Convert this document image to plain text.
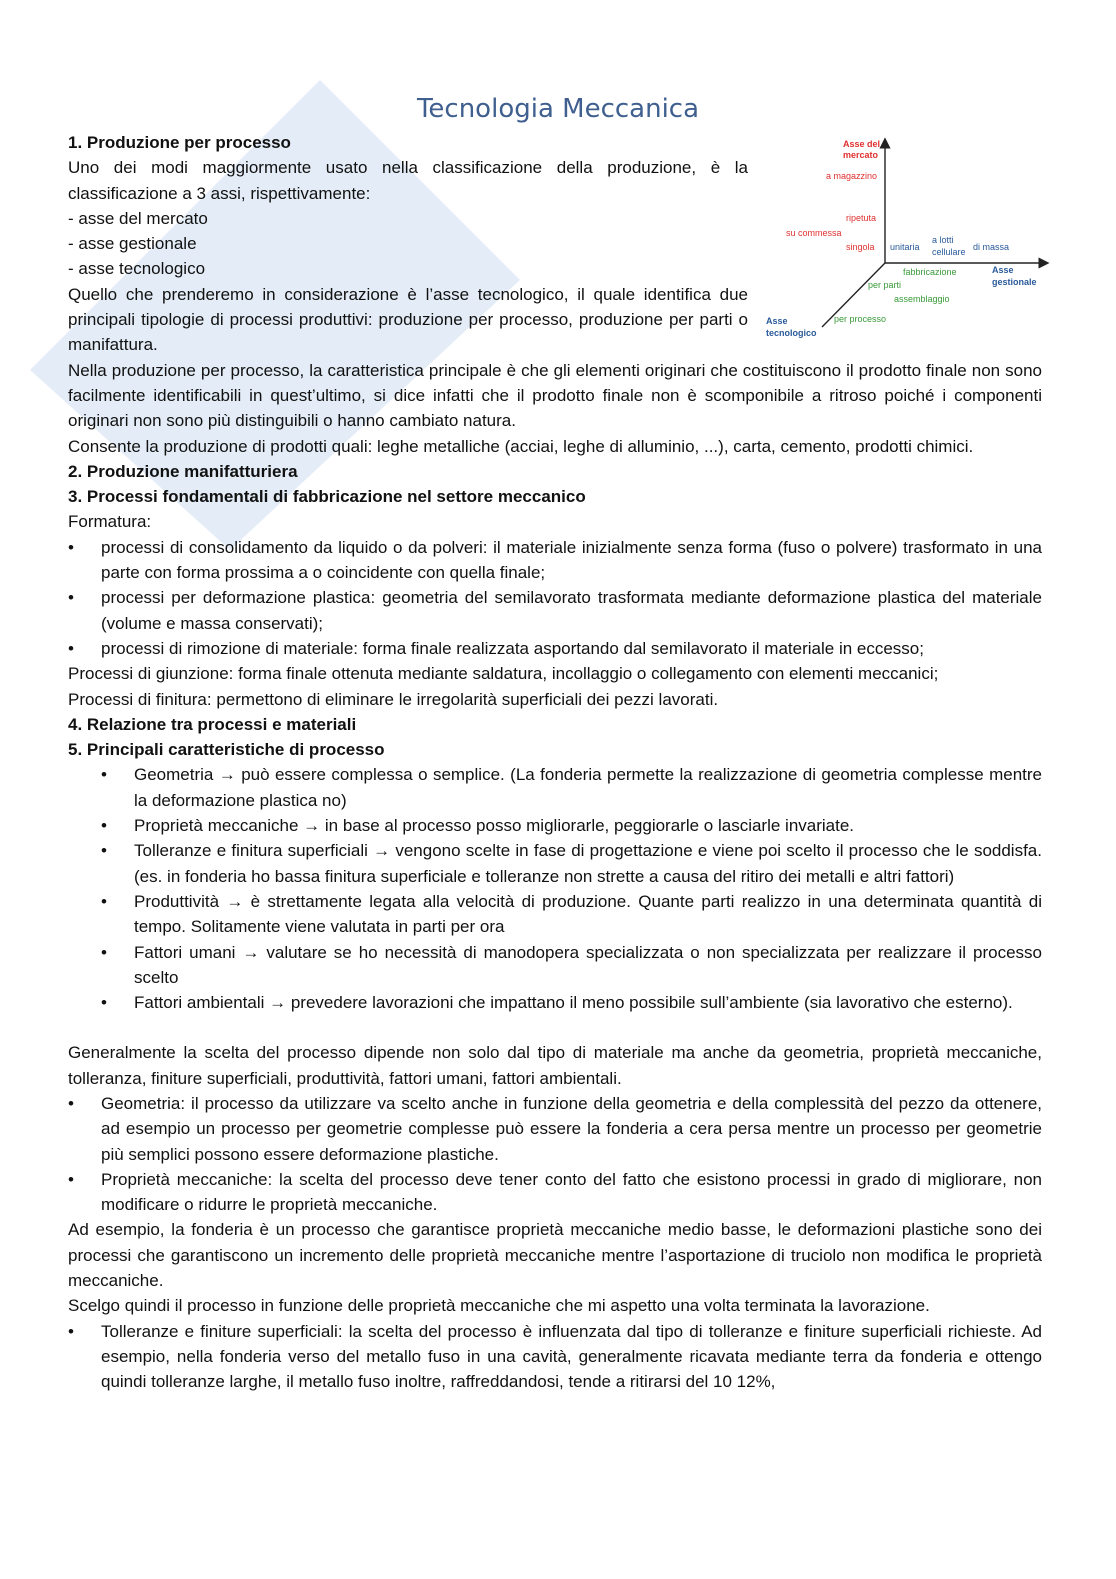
Tecnologia Meccanica
Asse del
mercato
a magazzino
ripetuta
su commessa
singola unitaria
a lotti
cellulare di massa
Asse
gestionale
fabbricazione
per parti
assemblaggio
per processo
Asse
tecnologico

1. Produzione per processo

Uno dei modi maggiormente usato nella classificazione della produzione, è la classificazione a 3 assi, rispettivamente:

- asse del mercato

- asse gestionale

- asse tecnologico

Quello che prenderemo in considerazione è l’asse tecnologico, il quale identifica due principali tipologie di processi produttivi: produzione per processo, produzione per parti o manifattura.

Nella produzione per processo, la caratteristica principale è che gli elementi originari che costituiscono il prodotto finale non sono facilmente identificabili in quest’ultimo, si dice infatti che il prodotto finale non è scomponibile a ritroso poiché i componenti originari non sono più distinguibili o hanno cambiato natura.

Consente la produzione di prodotti quali: leghe metalliche (acciai, leghe di alluminio, ...), carta, cemento, prodotti chimici.

2. Produzione manifatturiera

3. Processi fondamentali di fabbricazione nel settore meccanico

Formatura:

• processi di consolidamento da liquido o da polveri: il materiale inizialmente senza forma (fuso o polvere) trasformato in una parte con forma prossima a o coincidente con quella finale;
• processi per deformazione plastica: geometria del semilavorato trasformata mediante deformazione plastica del materiale (volume e massa conservati);
• processi di rimozione di materiale: forma finale realizzata asportando dal semilavorato il materiale in eccesso;

Processi di giunzione: forma finale ottenuta mediante saldatura, incollaggio o collegamento con elementi meccanici;

Processi di finitura: permettono di eliminare le irregolarità superficiali dei pezzi lavorati.

4. Relazione tra processi e materiali

5. Principali caratteristiche di processo

• Geometria → può essere complessa o semplice. (La fonderia permette la realizzazione di geometria complesse mentre la deformazione plastica no)
• Proprietà meccaniche → in base al processo posso migliorarle, peggiorarle o lasciarle invariate.
• Tolleranze e finitura superficiali → vengono scelte in fase di progettazione e viene poi scelto il processo che le soddisfa. (es. in fonderia ho bassa finitura superficiale e tolleranze non strette a causa del ritiro dei metalli e altri fattori)
• Produttività → è strettamente legata alla velocità di produzione. Quante parti realizzo in una determinata quantità di tempo. Solitamente viene valutata in parti per ora
• Fattori umani → valutare se ho necessità di manodopera specializzata o non specializzata per realizzare il processo scelto
• Fattori ambientali → prevedere lavorazioni che impattano il meno possibile sull’ambiente (sia lavorativo che esterno).

Generalmente la scelta del processo dipende non solo dal tipo di materiale ma anche da geometria, proprietà meccaniche, tolleranza, finiture superficiali, produttività, fattori umani, fattori ambientali.

• Geometria: il processo da utilizzare va scelto anche in funzione della geometria e della complessità del pezzo da ottenere, ad esempio un processo per geometrie complesse può essere la fonderia a cera persa mentre un processo per geometrie più semplici possono essere deformazione plastiche.
• Proprietà meccaniche: la scelta del processo deve tener conto del fatto che esistono processi in grado di migliorare, non modificare o ridurre le proprietà meccaniche.

Ad esempio, la fonderia è un processo che garantisce proprietà meccaniche medio basse, le deformazioni plastiche sono dei processi che garantiscono un incremento delle proprietà meccaniche mentre l’asportazione di truciolo non modifica le proprietà meccaniche.

Scelgo quindi il processo in funzione delle proprietà meccaniche che mi aspetto una volta terminata la lavorazione.

• Tolleranze e finiture superficiali: la scelta del processo è influenzata dal tipo di tolleranze e finiture superficiali richieste. Ad esempio, nella fonderia verso del metallo fuso in una cavità, generalmente ricavata mediante terra da fonderia e ottengo quindi tolleranze larghe, il metallo fuso inoltre, raffreddandosi, tende a ritirarsi del 10 12%,
